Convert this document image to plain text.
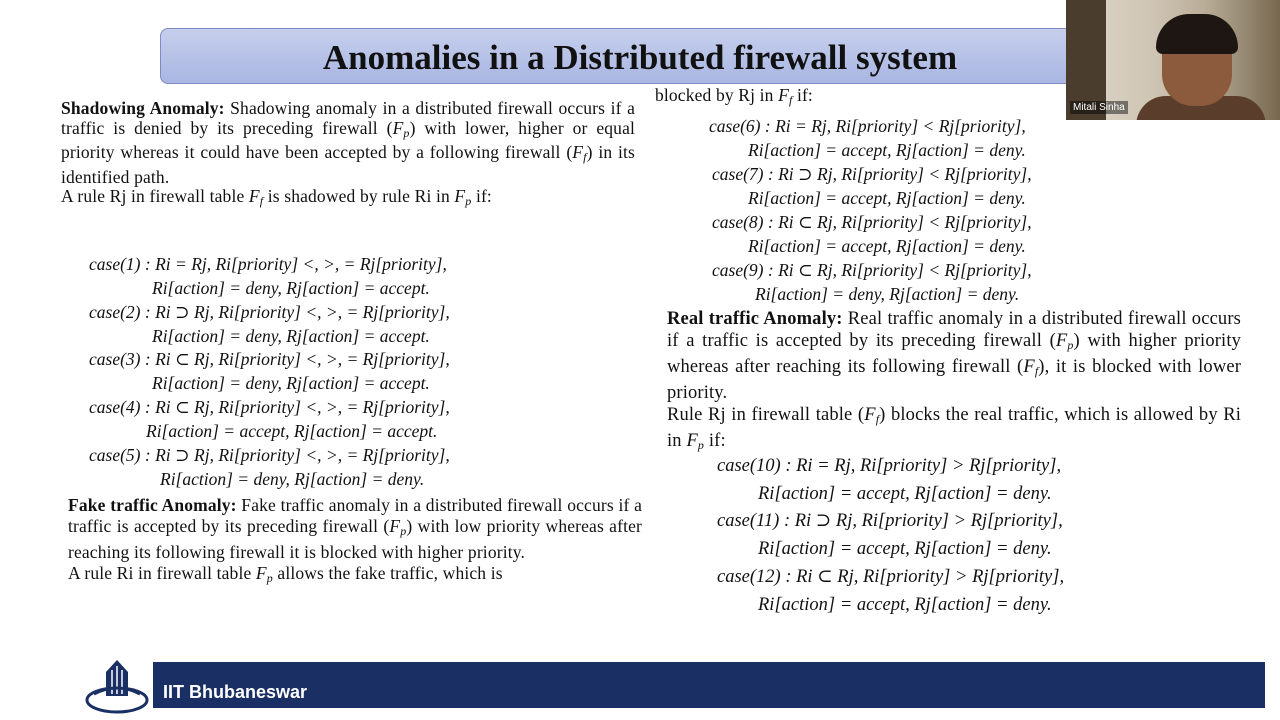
Anomalies in a Distributed firewall system
Shadowing Anomaly: Shadowing anomaly in a distributed firewall occurs if a traffic is denied by its preceding firewall $(F_p)$ with lower, higher or equal priority whereas it could have been accepted by a following firewall $(F_f)$ in its identified path.
A rule Rj in firewall table $F_f$ is shadowed by rule Ri in $F_p$ if:
case(1) : Ri = Rj, Ri[priority] <, >, = Rj[priority],
Ri[action] = deny, Rj[action] = accept.
case(2) : Ri ⊃ Rj, Ri[priority] <, >, = Rj[priority],
Ri[action] = deny, Rj[action] = accept.
case(3) : Ri ⊂ Rj, Ri[priority] <, >, = Rj[priority],
Ri[action] = deny, Rj[action] = accept.
case(4) : Ri ⊂ Rj, Ri[priority] <, >, = Rj[priority],
Ri[action] = accept, Rj[action] = accept.
case(5) : Ri ⊃ Rj, Ri[priority] <, >, = Rj[priority],
Ri[action] = deny, Rj[action] = deny.
Fake traffic Anomaly: Fake traffic anomaly in a distributed firewall occurs if a traffic is accepted by its preceding firewall $(F_p)$ with low priority whereas after reaching its following firewall it is blocked with higher priority.
A rule Ri in firewall table $F_p$ allows the fake traffic, which is
blocked by Rj in $F_f$ if:
case(6) : Ri = Rj, Ri[priority] < Rj[priority],
Ri[action] = accept, Rj[action] = deny.
case(7) : Ri ⊃ Rj, Ri[priority] < Rj[priority],
Ri[action] = accept, Rj[action] = deny.
case(8) : Ri ⊂ Rj, Ri[priority] < Rj[priority],
Ri[action] = accept, Rj[action] = deny.
case(9) : Ri ⊂ Rj, Ri[priority] < Rj[priority],
Ri[action] = deny, Rj[action] = deny.
Real traffic Anomaly: Real traffic anomaly in a distributed firewall occurs if a traffic is accepted by its preceding firewall $(F_p)$ with higher priority whereas after reaching its following firewall $(F_f)$, it is blocked with lower priority.
Rule Rj in firewall table $(F_f)$ blocks the real traffic, which is allowed by Ri in $F_p$ if:
case(10) : Ri = Rj, Ri[priority] > Rj[priority],
Ri[action] = accept, Rj[action] = deny.
case(11) : Ri ⊃ Rj, Ri[priority] > Rj[priority],
Ri[action] = accept, Rj[action] = deny.
case(12) : Ri ⊂ Rj, Ri[priority] > Rj[priority],
Ri[action] = accept, Rj[action] = deny.
Mitali Sinha
IIT Bhubaneswar
